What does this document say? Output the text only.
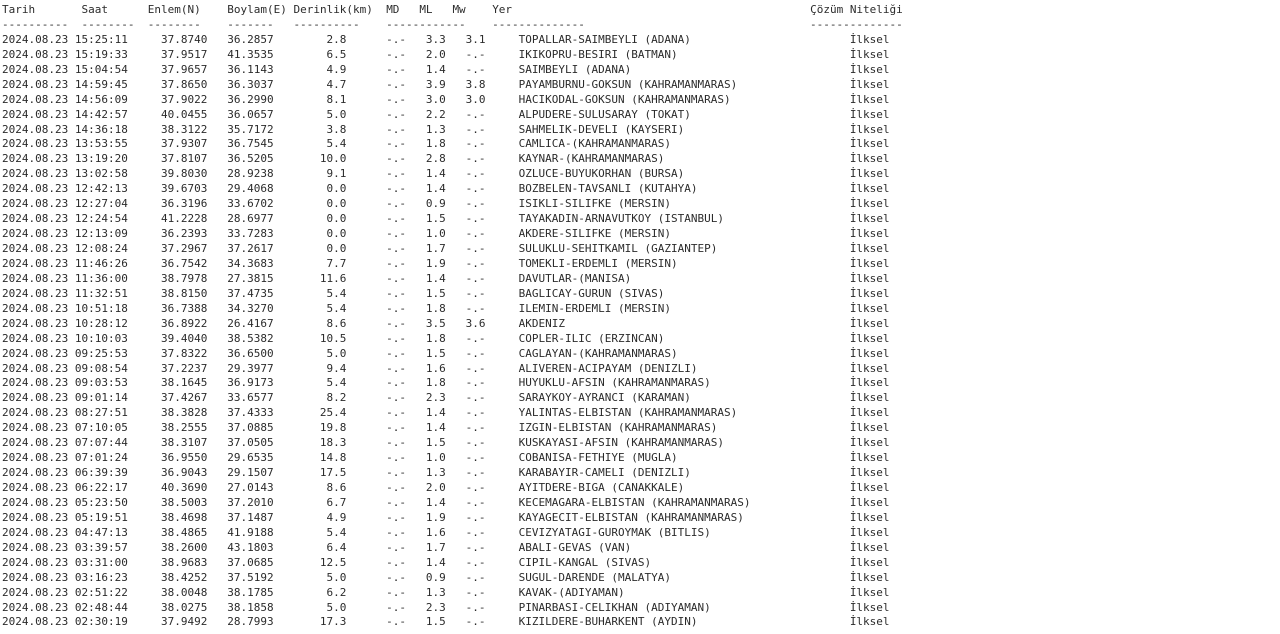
Tarih	Saat	Enlem(N) Boylam(E) Derinlik(km) MD ML Mw Yer	Çözüm Niteliği
---------- -------- -------- ------- ---------- ------------ --------------	--------------
2024.08.23 15:25:11	37.8740 36.2857	2.8	-.- 3.3 3.1	TOPALLAR-SAIMBEYLI (ADANA)	İlksel
2024.08.23 15:19:33	37.9517 41.3535	6.5	-.- 2.0 -.-	IKIKOPRU-BESIRI (BATMAN)	İlksel
2024.08.23 15:04:54	37.9657 36.1143	4.9	-.- 1.4 -.-	SAIMBEYLI (ADANA)	İlksel
2024.08.23 14:59:45	37.8650 36.3037	4.7	-.- 3.9 3.8	PAYAMBURNU-GOKSUN (KAHRAMANMARAS)	İlksel
2024.08.23 14:56:09	37.9022 36.2990	8.1	-.- 3.0 3.0	HACIKODAL-GOKSUN (KAHRAMANMARAS)	İlksel
2024.08.23 14:42:57	40.0455 36.0657	5.0	-.- 2.2 -.-	ALPUDERE-SULUSARAY (TOKAT)	İlksel
2024.08.23 14:36:18	38.3122 35.7172	3.8	-.- 1.3 -.-	SAHMELIK-DEVELI (KAYSERI)	İlksel
2024.08.23 13:53:55	37.9307 36.7545	5.4	-.- 1.8 -.-	CAMLICA-(KAHRAMANMARAS)	İlksel
2024.08.23 13:19:20	37.8107 36.5205	10.0	-.- 2.8 -.-	KAYNAR-(KAHRAMANMARAS)	İlksel
2024.08.23 13:02:58	39.8030 28.9238	9.1	-.- 1.4 -.-	OZLUCE-BUYUKORHAN (BURSA)	İlksel
2024.08.23 12:42:13	39.6703 29.4068	0.0	-.- 1.4 -.-	BOZBELEN-TAVSANLI (KUTAHYA)	İlksel
2024.08.23 12:27:04	36.3196 33.6702	0.0	-.- 0.9 -.-	ISIKLI-SILIFKE (MERSIN)	İlksel
2024.08.23 12:24:54	41.2228 28.6977	0.0	-.- 1.5 -.-	TAYAKADIN-ARNAVUTKOY (ISTANBUL)	İlksel
2024.08.23 12:13:09	36.2393 33.7283	0.0	-.- 1.0 -.-	AKDERE-SILIFKE (MERSIN)	İlksel
2024.08.23 12:08:24	37.2967 37.2617	0.0	-.- 1.7 -.-	SULUKLU-SEHITKAMIL (GAZIANTEP)	İlksel
2024.08.23 11:46:26	36.7542 34.3683	7.7	-.- 1.9 -.-	TOMEKLI-ERDEMLI (MERSIN)	İlksel
2024.08.23 11:36:00	38.7978 27.3815	11.6	-.- 1.4 -.-	DAVUTLAR-(MANISA)	İlksel
2024.08.23 11:32:51	38.8150 37.4735	5.4	-.- 1.5 -.-	BAGLICAY-GURUN (SIVAS)	İlksel
2024.08.23 10:51:18	36.7388 34.3270	5.4	-.- 1.8 -.-	ILEMIN-ERDEMLI (MERSIN)	İlksel
2024.08.23 10:28:12	36.8922 26.4167	8.6	-.- 3.5 3.6	AKDENIZ	İlksel
2024.08.23 10:10:03	39.4040 38.5382	10.5	-.- 1.8 -.-	COPLER-ILIC (ERZINCAN)	İlksel
2024.08.23 09:25:53	37.8322 36.6500	5.0	-.- 1.5 -.-	CAGLAYAN-(KAHRAMANMARAS)	İlksel
2024.08.23 09:08:54	37.2237 29.3977	9.4	-.- 1.6 -.-	ALIVEREN-ACIPAYAM (DENIZLI)	İlksel
2024.08.23 09:03:53	38.1645 36.9173	5.4	-.- 1.8 -.-	HUYUKLU-AFSIN (KAHRAMANMARAS)	İlksel
2024.08.23 09:01:14	37.4267 33.6577	8.2	-.- 2.3 -.-	SARAYKOY-AYRANCI (KARAMAN)	İlksel
2024.08.23 08:27:51	38.3828 37.4333	25.4	-.- 1.4 -.-	YALINTAS-ELBISTAN (KAHRAMANMARAS)	İlksel
2024.08.23 07:10:05	38.2555 37.0885	19.8	-.- 1.4 -.-	IZGIN-ELBISTAN (KAHRAMANMARAS)	İlksel
2024.08.23 07:07:44	38.3107 37.0505	18.3	-.- 1.5 -.-	KUSKAYASI-AFSIN (KAHRAMANMARAS)	İlksel
2024.08.23 07:01:24	36.9550 29.6535	14.8	-.- 1.0 -.-	COBANISA-FETHIYE (MUGLA)	İlksel
2024.08.23 06:39:39	36.9043 29.1507	17.5	-.- 1.3 -.-	KARABAYIR-CAMELI (DENIZLI)	İlksel
2024.08.23 06:22:17	40.3690 27.0143	8.6	-.- 2.0 -.-	AYITDERE-BIGA (CANAKKALE)	İlksel
2024.08.23 05:23:50	38.5003 37.2010	6.7	-.- 1.4 -.-	KECEMAGARA-ELBISTAN (KAHRAMANMARAS)	İlksel
2024.08.23 05:19:51	38.4698 37.1487	4.9	-.- 1.9 -.-	KAYAGECIT-ELBISTAN (KAHRAMANMARAS)	İlksel
2024.08.23 04:47:13	38.4865 41.9188	5.4	-.- 1.6 -.-	CEVIZYATAGI-GUROYMAK (BITLIS)	İlksel
2024.08.23 03:39:57	38.2600 43.1803	6.4	-.- 1.7 -.-	ABALI-GEVAS (VAN)	İlksel
2024.08.23 03:31:00	38.9683 37.0685	12.5	-.- 1.4 -.-	CIPIL-KANGAL (SIVAS)	İlksel
2024.08.23 03:16:23	38.4252 37.5192	5.0	-.- 0.9 -.-	SUGUL-DARENDE (MALATYA)	İlksel
2024.08.23 02:51:22	38.0048 38.1785	6.2	-.- 1.3 -.-	KAVAK-(ADIYAMAN)	İlksel
2024.08.23 02:48:44	38.0275 38.1858	5.0	-.- 2.3 -.-	PINARBASI-CELIKHAN (ADIYAMAN)	İlksel
2024.08.23 02:30:19	37.9492 28.7993	17.3	-.- 1.5 -.-	KIZILDERE-BUHARKENT (AYDIN)	İlksel
